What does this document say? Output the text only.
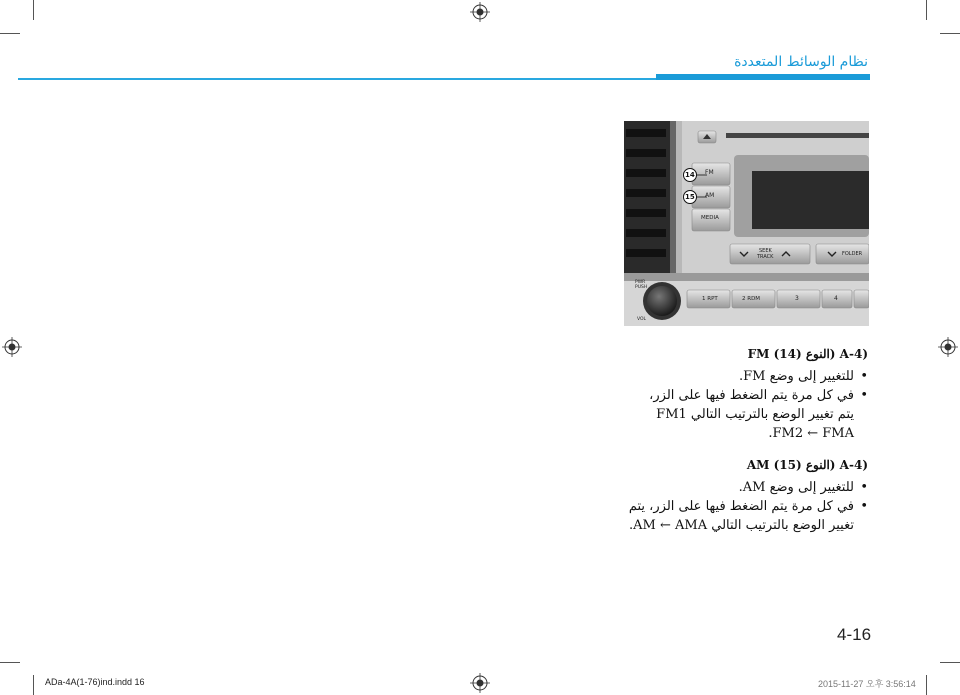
نظام الوسائط المتعددة
FM
AM
MEDIA
14
15
SEEK
TRACK	FOLDER
PWR
PUSH
VOL
1 RPT	2 RDM	3	4
(A-4 (النوع FM (14)
• للتغيير إلى وضع FM.
• في كل مرة يتم الضغط فيها على الزر،
يتم تغيير الوضع بالترتيب التالي FM1
FM2 ← FMA.
(A-4 (النوع AM (15)
• للتغيير إلى وضع AM.
• في كل مرة يتم الضغط فيها على الزر، يتم
تغيير الوضع بالترتيب التالي AM ← AMA.
4-16
ADa-4A(1-76)ind.indd 16	2015-11-27 오후 3:56:14
